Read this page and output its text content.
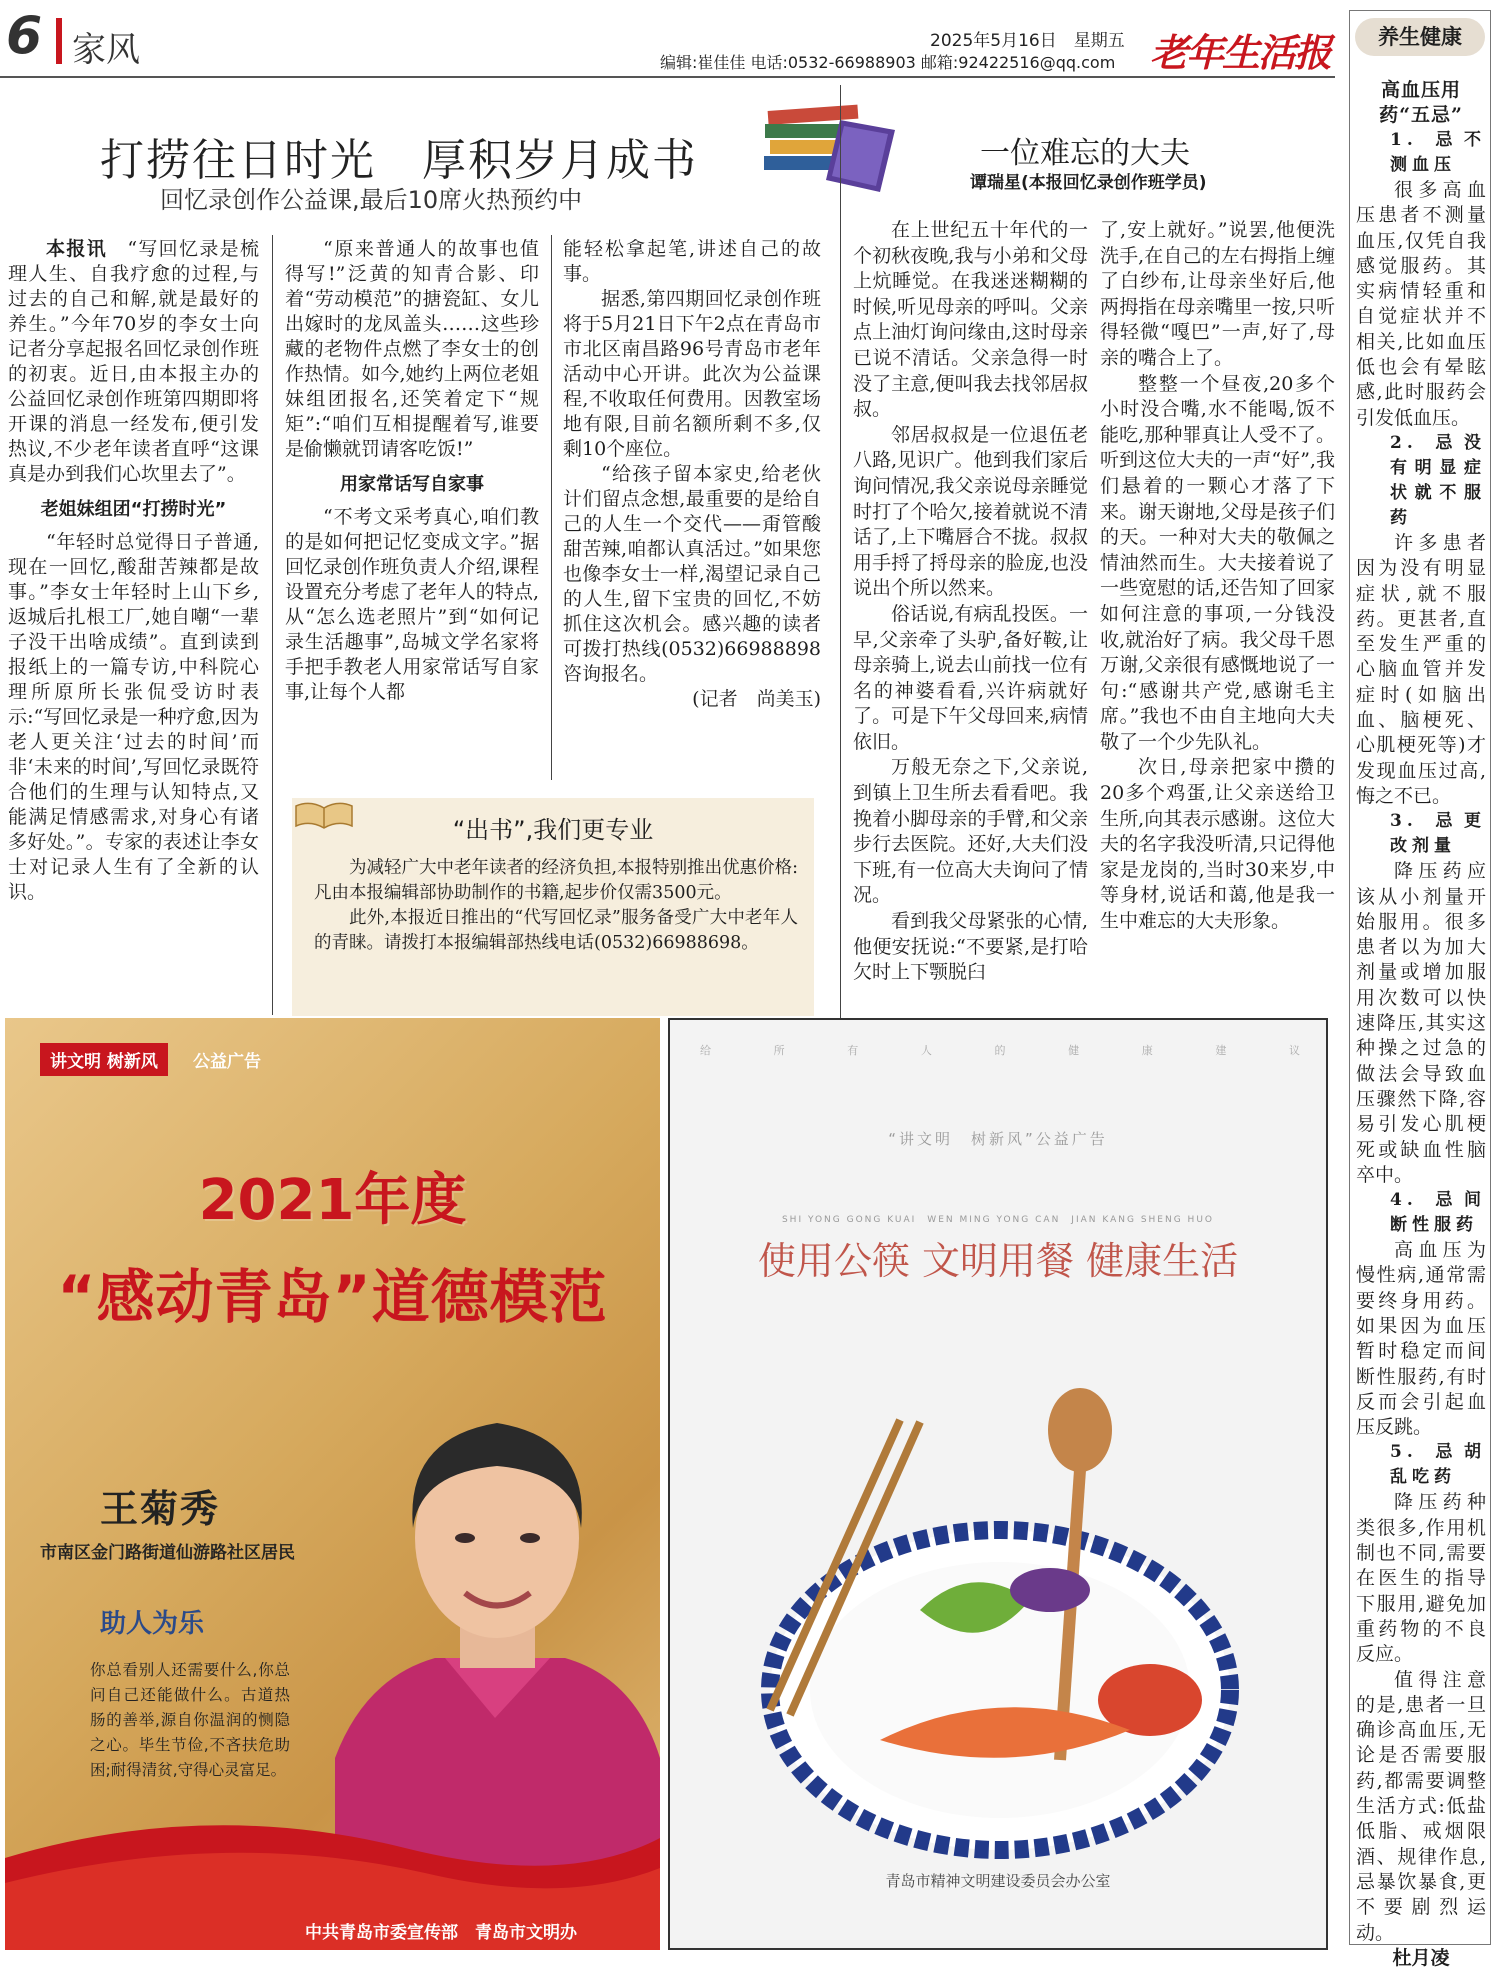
6 家风	2025年5月16日　星期五
编辑:崔佳佳 电话:0532-66988903 邮箱:92422516@qq.com 老年生活报
打捞往日时光　厚积岁月成书
回忆录创作公益课,最后10席火热预约中

本报讯　 “写回忆录是梳理人生、自我疗愈的过程,与过去的自己和解,就是最好的养生。”今年70岁的李女士向记者分享起报名回忆录创作班的初衷。近日,由本报主办的公益回忆录创作班第四期即将开课的消息一经发布,便引发热议,不少老年读者直呼“这课真是办到我们心坎里去了”。

老姐妹组团“打捞时光”

“年轻时总觉得日子普通,现在一回忆,酸甜苦辣都是故事。”李女士年轻时上山下乡,返城后扎根工厂,她自嘲“一辈子没干出啥成绩”。直到读到报纸上的一篇专访,中科院心理所原所长张侃受访时表示:“写回忆录是一种疗愈,因为老人更关注‘过去的时间’而非‘未来的时间’,写回忆录既符合他们的生理与认知特点,又能满足情感需求,对身心有诸多好处。”。专家的表述让李女士对记录人生有了全新的认识。

“原来普通人的故事也值得写!”泛黄的知青合影、印着“劳动模范”的搪瓷缸、女儿出嫁时的龙凤盖头……这些珍藏的老物件点燃了李女士的创作热情。如今,她约上两位老姐妹组团报名,还笑着定下“规矩”:“咱们互相提醒着写,谁要是偷懒就罚请客吃饭!”

用家常话写自家事

“不考文采考真心,咱们教的是如何把记忆变成文字。”据回忆录创作班负责人介绍,课程设置充分考虑了老年人的特点,从“怎么选老照片”到“如何记录生活趣事”,岛城文学名家将手把手教老人用家常话写自家事,让每个人都

能轻松拿起笔,讲述自己的故事。

据悉,第四期回忆录创作班将于5月21日下午2点在青岛市市北区南昌路96号青岛市老年活动中心开讲。此次为公益课程,不收取任何费用。因教室场地有限,目前名额所剩不多,仅剩10个座位。

“给孩子留本家史,给老伙计们留点念想,最重要的是给自己的人生一个交代——甭管酸甜苦辣,咱都认真活过。”如果您也像李女士一样,渴望记录自己的人生,留下宝贵的回忆,不妨抓住这次机会。感兴趣的读者可拨打热线(0532)66988898咨询报名。

(记者　尚美玉)

“出书”,我们更专业

为减轻广大中老年读者的经济负担,本报特别推出优惠价格:凡由本报编辑部协助制作的书籍,起步价仅需3500元。

此外,本报近日推出的“代写回忆录”服务备受广大中老年人的青睐。请拨打本报编辑部热线电话(0532)66988698。

一位难忘的大夫
谭瑞星(本报回忆录创作班学员)

在上世纪五十年代的一个初秋夜晚,我与小弟和父母上炕睡觉。在我迷迷糊糊的时候,听见母亲的呼叫。父亲点上油灯询问缘由,这时母亲已说不清话。父亲急得一时没了主意,便叫我去找邻居叔叔。

邻居叔叔是一位退伍老八路,见识广。他到我们家后询问情况,我父亲说母亲睡觉时打了个哈欠,接着就说不清话了,上下嘴唇合不拢。叔叔用手捋了捋母亲的脸庞,也没说出个所以然来。

俗话说,有病乱投医。一早,父亲牵了头驴,备好鞍,让母亲骑上,说去山前找一位有名的神婆看看,兴许病就好了。可是下午父母回来,病情依旧。

万般无奈之下,父亲说,到镇上卫生所去看看吧。我挽着小脚母亲的手臂,和父亲步行去医院。还好,大夫们没下班,有一位高大夫询问了情况。

看到我父母紧张的心情,他便安抚说:“不要紧,是打哈欠时上下颚脱臼

了,安上就好。”说罢,他便洗洗手,在自己的左右拇指上缠了白纱布,让母亲坐好后,他两拇指在母亲嘴里一按,只听得轻微“嘎巴”一声,好了,母亲的嘴合上了。

整整一个昼夜,20多个小时没合嘴,水不能喝,饭不能吃,那种罪真让人受不了。听到这位大夫的一声“好”,我们悬着的一颗心才落了下来。谢天谢地,父母是孩子们的天。一种对大夫的敬佩之情油然而生。大夫接着说了一些宽慰的话,还告知了回家如何注意的事项,一分钱没收,就治好了病。我父母千恩万谢,父亲很有感慨地说了一句:“感谢共产党,感谢毛主席。”我也不由自主地向大夫敬了一个少先队礼。

次日,母亲把家中攒的20多个鸡蛋,让父亲送给卫生所,向其表示感谢。这位大夫的名字我没听清,只记得他家是龙岗的,当时30来岁,中等身材,说话和蔼,他是我一生中难忘的大夫形象。

养生健康

高血压用药“五忌”

1. 忌不测血压

很多高血压患者不测量血压,仅凭自我感觉服药。其实病情轻重和自觉症状并不相关,比如血压低也会有晕眩感,此时服药会引发低血压。

2. 忌没有明显症状就不服药

许多患者因为没有明显症状,就不服药。更甚者,直至发生严重的心脑血管并发症时(如脑出血、脑梗死、心肌梗死等)才发现血压过高,悔之不已。

3. 忌更改剂量

降压药应该从小剂量开始服用。很多患者以为加大剂量或增加服用次数可以快速降压,其实这种操之过急的做法会导致血压骤然下降,容易引发心肌梗死或缺血性脑卒中。

4. 忌间断性服药

高血压为慢性病,通常需要终身用药。如果因为血压暂时稳定而间断性服药,有时反而会引起血压反跳。

5. 忌胡乱吃药

降压药种类很多,作用机制也不同,需要在医生的指导下服用,避免加重药物的不良反应。

值得注意的是,患者一旦确诊高血压,无论是否需要服药,都需要调整生活方式:低盐低脂、戒烟限酒、规律作息,忌暴饮暴食,更不要剧烈运动。

杜月凌

讲文明 树新风	公益广告
2021年度
“感动青岛”道德模范
王菊秀
市南区金门路街道仙游路社区居民
助人为乐
你总看别人还需要什么,你总问自己还能做什么。古道热肠的善举,源自你温润的恻隐之心。毕生节俭,不吝扶危助困;耐得清贫,守得心灵富足。
中共青岛市委宣传部　青岛市文明办
给	所	有	人	的	健	康	建	议
“讲文明　树新风”公益广告
SHI YONG GONG KUAI　WEN MING YONG CAN　JIAN KANG SHENG HUO
使用公筷 文明用餐 健康生活
青岛市精神文明建设委员会办公室
